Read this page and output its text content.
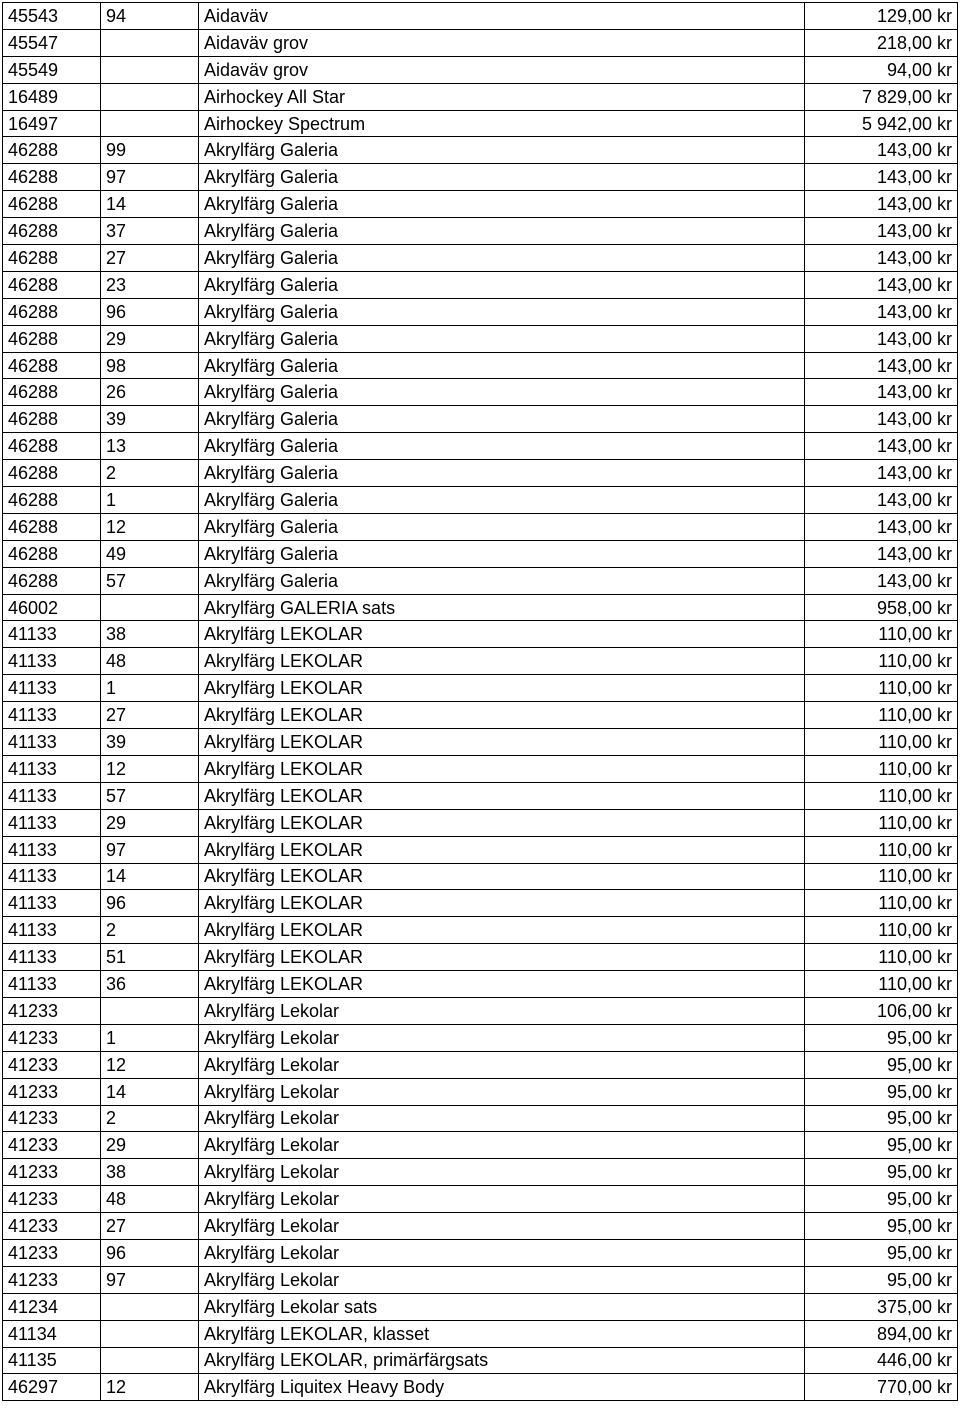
45543	94	Aidaväv	129,00 kr
45547		Aidaväv grov	218,00 kr
45549		Aidaväv grov	94,00 kr
16489		Airhockey All Star	7 829,00 kr
16497		Airhockey Spectrum	5 942,00 kr
46288	99	Akrylfärg Galeria	143,00 kr
46288	97	Akrylfärg Galeria	143,00 kr
46288	14	Akrylfärg Galeria	143,00 kr
46288	37	Akrylfärg Galeria	143,00 kr
46288	27	Akrylfärg Galeria	143,00 kr
46288	23	Akrylfärg Galeria	143,00 kr
46288	96	Akrylfärg Galeria	143,00 kr
46288	29	Akrylfärg Galeria	143,00 kr
46288	98	Akrylfärg Galeria	143,00 kr
46288	26	Akrylfärg Galeria	143,00 kr
46288	39	Akrylfärg Galeria	143,00 kr
46288	13	Akrylfärg Galeria	143,00 kr
46288	2	Akrylfärg Galeria	143,00 kr
46288	1	Akrylfärg Galeria	143,00 kr
46288	12	Akrylfärg Galeria	143,00 kr
46288	49	Akrylfärg Galeria	143,00 kr
46288	57	Akrylfärg Galeria	143,00 kr
46002		Akrylfärg GALERIA sats	958,00 kr
41133	38	Akrylfärg LEKOLAR	110,00 kr
41133	48	Akrylfärg LEKOLAR	110,00 kr
41133	1	Akrylfärg LEKOLAR	110,00 kr
41133	27	Akrylfärg LEKOLAR	110,00 kr
41133	39	Akrylfärg LEKOLAR	110,00 kr
41133	12	Akrylfärg LEKOLAR	110,00 kr
41133	57	Akrylfärg LEKOLAR	110,00 kr
41133	29	Akrylfärg LEKOLAR	110,00 kr
41133	97	Akrylfärg LEKOLAR	110,00 kr
41133	14	Akrylfärg LEKOLAR	110,00 kr
41133	96	Akrylfärg LEKOLAR	110,00 kr
41133	2	Akrylfärg LEKOLAR	110,00 kr
41133	51	Akrylfärg LEKOLAR	110,00 kr
41133	36	Akrylfärg LEKOLAR	110,00 kr
41233		Akrylfärg Lekolar	106,00 kr
41233	1	Akrylfärg Lekolar	95,00 kr
41233	12	Akrylfärg Lekolar	95,00 kr
41233	14	Akrylfärg Lekolar	95,00 kr
41233	2	Akrylfärg Lekolar	95,00 kr
41233	29	Akrylfärg Lekolar	95,00 kr
41233	38	Akrylfärg Lekolar	95,00 kr
41233	48	Akrylfärg Lekolar	95,00 kr
41233	27	Akrylfärg Lekolar	95,00 kr
41233	96	Akrylfärg Lekolar	95,00 kr
41233	97	Akrylfärg Lekolar	95,00 kr
41234		Akrylfärg Lekolar sats	375,00 kr
41134		Akrylfärg LEKOLAR, klasset	894,00 kr
41135		Akrylfärg LEKOLAR, primärfärgsats	446,00 kr
46297	12	Akrylfärg Liquitex Heavy Body	770,00 kr
